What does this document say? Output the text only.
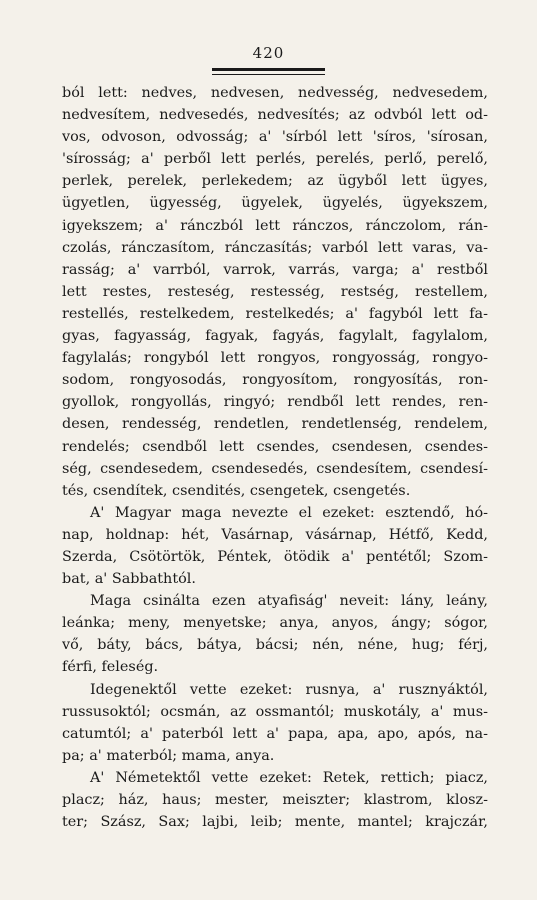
420
ból lett: nedves, nedvesen, nedvesség, nedvesedem,
nedvesítem, nedvesedés, nedvesítés; az odvból lett od-
vos, odvoson, odvosság; a' 'sírból lett 'síros, 'sírosan,
'sírosság; a' perből lett perlés, perelés, perlő, perelő,
perlek, perelek, perlekedem; az ügyből lett ügyes,
ügyetlen, ügyesség, ügyelek, ügyelés, ügyekszem,
igyekszem; a' ránczból lett ránczos, ránczolom, rán-
czolás, ránczasítom, ránczasítás; varból lett varas, va-
rasság; a' varrból, varrok, varrás, varga; a' restből
lett restes, resteség, restesség, restség, restellem,
restellés, restelkedem, restelkedés; a' fagyból lett fa-
gyas, fagyasság, fagyak, fagyás, fagylalt, fagylalom,
fagylalás; rongyból lett rongyos, rongyosság, rongyo-
sodom, rongyosodás, rongyosítom, rongyosítás, ron-
gyollok, rongyollás, ringyó; rendből lett rendes, ren-
desen, rendesség, rendetlen, rendetlenség, rendelem,
rendelés; csendből lett csendes, csendesen, csendes-
ség, csendesedem, csendesedés, csendesítem, csendesí-
tés, csendítek, csendités, csengetek, csengetés.
A' Magyar maga nevezte el ezeket: esztendő, hó-
nap, holdnap: hét, Vasárnap, vásárnap, Hétfő, Kedd,
Szerda, Csötörtök, Péntek, ötödik a' pentétől; Szom-
bat, a' Sabbathtól.
Maga csinálta ezen atyafiság' neveit: lány, leány,
leánka; meny, menyetske; anya, anyos, ángy; sógor,
vő, báty, bács, bátya, bácsi; nén, néne, hug; férj,
férfi, feleség.
Idegenektől vette ezeket: rusnya, a' rusznyáktól,
russusoktól; ocsmán, az ossmantól; muskotály, a' mus-
catumtól; a' paterból lett a' papa, apa, apo, após, na-
pa; a' materból; mama, anya.
A' Németektől vette ezeket: Retek, rettich; piacz,
placz; ház, haus; mester, meiszter; klastrom, klosz-
ter; Szász, Sax; lajbi, leib; mente, mantel; krajczár,
